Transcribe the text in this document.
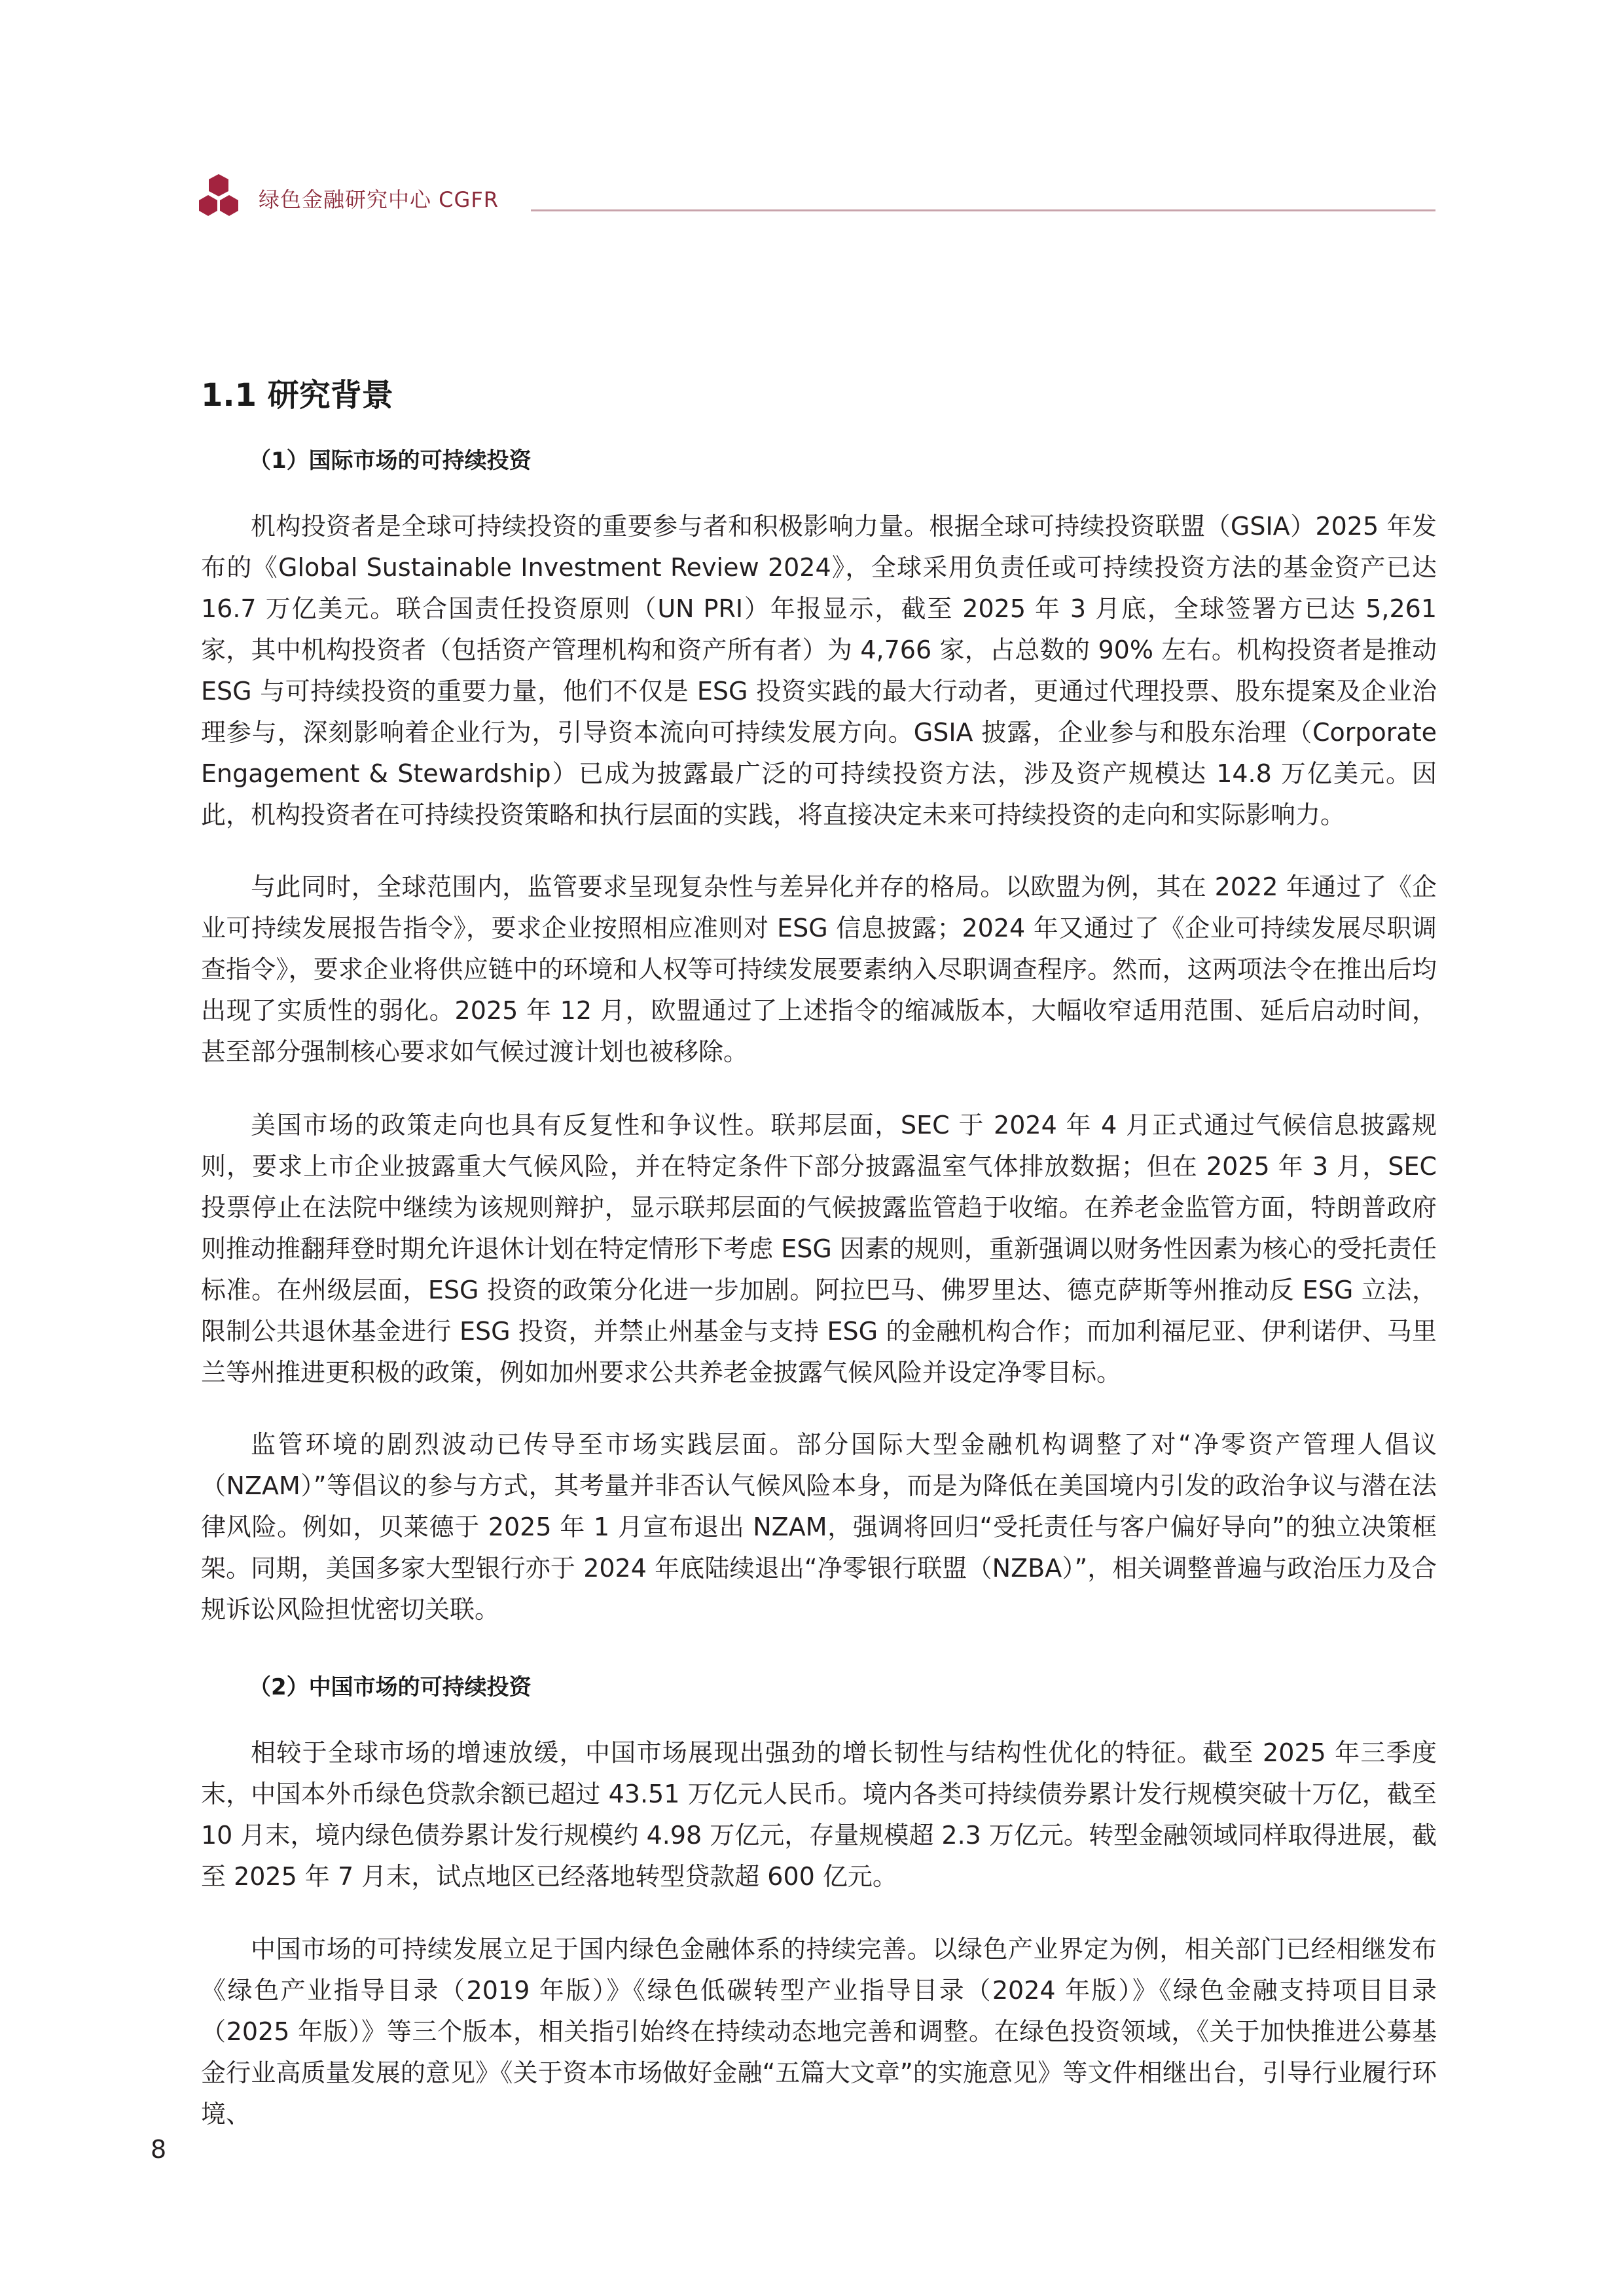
绿色金融研究中心 CGFR
1.1 研究背景
（1）国际市场的可持续投资

机构投资者是全球可持续投资的重要参与者和积极影响力量。根据全球可持续投资联盟（GSIA）2025 年发布的《Global Sustainable Investment Review 2024》，全球采用负责任或可持续投资方法的基金资产已达 16.7 万亿美元。联合国责任投资原则（UN PRI）年报显示，截至 2025 年 3 月底，全球签署方已达 5,261 家，其中机构投资者（包括资产管理机构和资产所有者）为 4,766 家，占总数的 90% 左右。机构投资者是推动 ESG 与可持续投资的重要力量，他们不仅是 ESG 投资实践的最大行动者，更通过代理投票、股东提案及企业治理参与，深刻影响着企业行为，引导资本流向可持续发展方向。GSIA 披露，企业参与和股东治理（Corporate Engagement & Stewardship）已成为披露最广泛的可持续投资方法，涉及资产规模达 14.8 万亿美元。因此，机构投资者在可持续投资策略和执行层面的实践，将直接决定未来可持续投资的走向和实际影响力。

与此同时，全球范围内，监管要求呈现复杂性与差异化并存的格局。以欧盟为例，其在 2022 年通过了《企业可持续发展报告指令》，要求企业按照相应准则对 ESG 信息披露；2024 年又通过了《企业可持续发展尽职调查指令》，要求企业将供应链中的环境和人权等可持续发展要素纳入尽职调查程序。然而，这两项法令在推出后均出现了实质性的弱化。2025 年 12 月，欧盟通过了上述指令的缩减版本，大幅收窄适用范围、延后启动时间，甚至部分强制核心要求如气候过渡计划也被移除。

美国市场的政策走向也具有反复性和争议性。联邦层面，SEC 于 2024 年 4 月正式通过气候信息披露规则，要求上市企业披露重大气候风险，并在特定条件下部分披露温室气体排放数据；但在 2025 年 3 月，SEC 投票停止在法院中继续为该规则辩护，显示联邦层面的气候披露监管趋于收缩。在养老金监管方面，特朗普政府则推动推翻拜登时期允许退休计划在特定情形下考虑 ESG 因素的规则，重新强调以财务性因素为核心的受托责任标准。在州级层面，ESG 投资的政策分化进一步加剧。阿拉巴马、佛罗里达、德克萨斯等州推动反 ESG 立法，限制公共退休基金进行 ESG 投资，并禁止州基金与支持 ESG 的金融机构合作；而加利福尼亚、伊利诺伊、马里兰等州推进更积极的政策，例如加州要求公共养老金披露气候风险并设定净零目标。

监管环境的剧烈波动已传导至市场实践层面。部分国际大型金融机构调整了对“净零资产管理人倡议（NZAM）”等倡议的参与方式，其考量并非否认气候风险本身，而是为降低在美国境内引发的政治争议与潜在法律风险。例如，贝莱德于 2025 年 1 月宣布退出 NZAM，强调将回归“受托责任与客户偏好导向”的独立决策框架。同期，美国多家大型银行亦于 2024 年底陆续退出“净零银行联盟（NZBA）”，相关调整普遍与政治压力及合规诉讼风险担忧密切关联。

（2）中国市场的可持续投资

相较于全球市场的增速放缓，中国市场展现出强劲的增长韧性与结构性优化的特征。截至 2025 年三季度末，中国本外币绿色贷款余额已超过 43.51 万亿元人民币。境内各类可持续债券累计发行规模突破十万亿，截至 10 月末，境内绿色债券累计发行规模约 4.98 万亿元，存量规模超 2.3 万亿元。转型金融领域同样取得进展，截至 2025 年 7 月末，试点地区已经落地转型贷款超 600 亿元。

中国市场的可持续发展立足于国内绿色金融体系的持续完善。以绿色产业界定为例，相关部门已经相继发布《绿色产业指导目录（2019 年版）》《绿色低碳转型产业指导目录（2024 年版）》《绿色金融支持项目目录（2025 年版）》等三个版本，相关指引始终在持续动态地完善和调整。在绿色投资领域，《关于加快推进公募基金行业高质量发展的意见》《关于资本市场做好金融“五篇大文章”的实施意见》等文件相继出台，引导行业履行环境、

8
